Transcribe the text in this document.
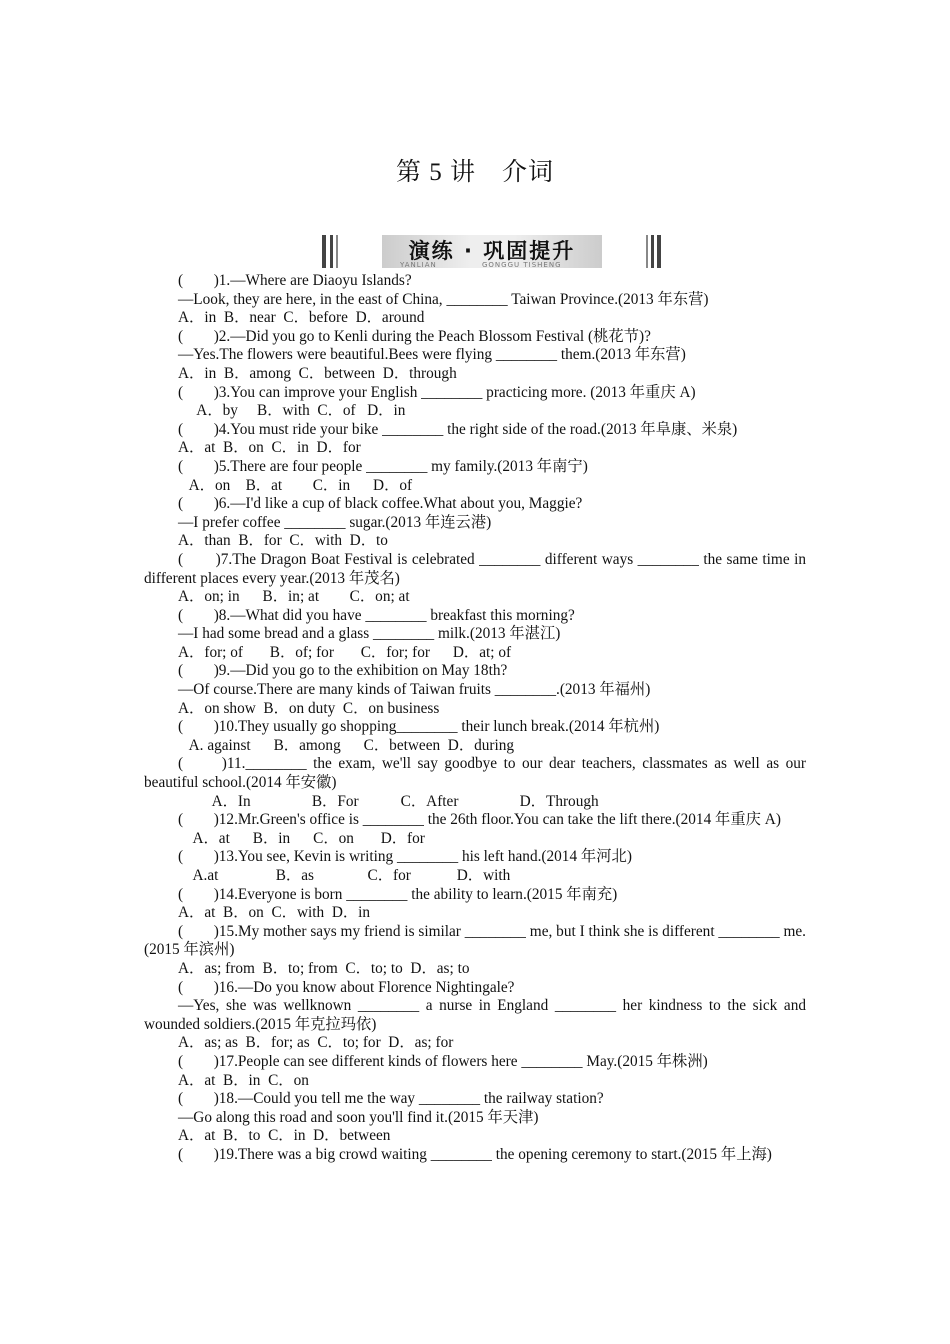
第 5 讲　介词
演练 · 巩固提升
YANLIAN	GONGGU TISHENG
(　　)1.—Where are Diaoyu Islands?
—Look, they are here, in the east of China, ________ Taiwan Province.(2013 年东营)
A．in  B．near  C．before  D．around
(　　)2.—Did you go to Kenli during the Peach Blossom Festival (桃花节)?
—Yes.The flowers were beautiful.Bees were flying ________ them.(2013 年东营)
A．in  B．among  C．between  D．through
(　　)3.You can improve your English ________ practicing more. (2013 年重庆 A)
A．by     B．with  C．of   D．in
(　　)4.You must ride your bike ________ the right side of the road.(2013 年阜康、米泉)
A．at  B．on  C．in  D．for
(　　)5.There are four people ________ my family.(2013 年南宁)
A．on    B．at        C．in      D．of
(　　)6.—I'd like a cup of black coffee.What about you, Maggie?
—I prefer coffee ________ sugar.(2013 年连云港)
A．than  B．for  C．with  D．to
(　　)7.The Dragon Boat Festival is celebrated ________ different ways ________ the same time in different places every year.(2013 年茂名)
A．on; in      B．in; at        C．on; at
(　　)8.—What did you have ________ breakfast this morning?
—I had some bread and a glass ________ milk.(2013 年湛江)
A．for; of       B．of; for       C．for; for      D．at; of
(　　)9.—Did you go to the exhibition on May 18th?
—Of course.There are many kinds of Taiwan fruits ________.(2013 年福州)
A．on show  B．on duty  C．on business
(　　)10.They usually go shopping________ their lunch break.(2014 年杭州)
A. against      B．among      C．between  D．during
(　　)11.________ the exam, we'll say goodbye to our dear teachers, classmates as well as our beautiful school.(2014 年安徽)
A．In                B．For           C．After                D．Through
(　　)12.Mr.Green's office is ________ the 26th floor.You can take the lift there.(2014 年重庆 A)
A．at      B．in      C．on       D．for
(　　)13.You see, Kevin is writing ________ his left hand.(2014 年河北)
A.at               B．as              C．for            D．with
(　　)14.Everyone is born ________ the ability to learn.(2015 年南充)
A．at  B．on  C．with  D．in
(　　)15.My mother says my friend is similar ________ me, but I think she is different ________ me.(2015 年滨州)
A．as; from  B．to; from  C．to; to  D．as; to
(　　)16.—Do you know about Florence Nightingale?
—Yes, she was wellknown ________ a nurse in England ________ her kindness to the sick and wounded soldiers.(2015 年克拉玛依)
A．as; as  B．for; as  C．to; for  D．as; for
(　　)17.People can see different kinds of flowers here ________ May.(2015 年株洲)
A．at  B．in  C．on
(　　)18.—Could you tell me the way ________ the railway station?
—Go along this road and soon you'll find it.(2015 年天津)
A．at  B．to  C．in  D．between
(　　)19.There was a big crowd waiting ________ the opening ceremony to start.(2015 年上海)
